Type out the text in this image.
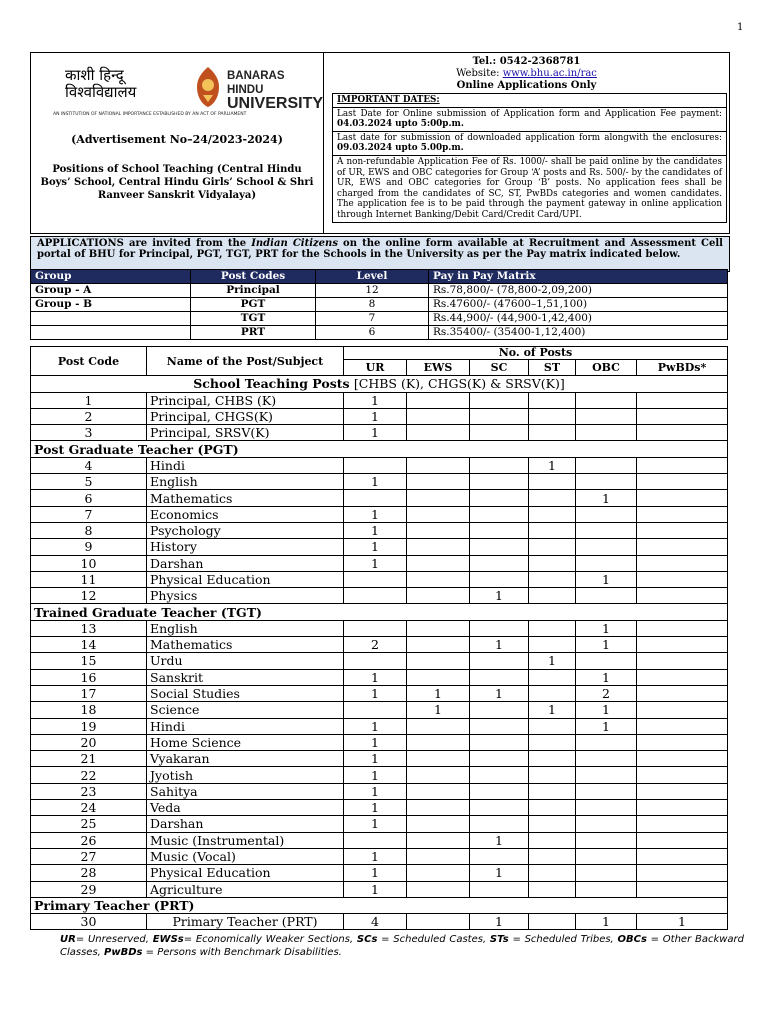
1
काशी हिन्दू
विश्वविद्यालय
BANARAS HINDU
UNIVERSITY
AN INSTITUTION OF NATIONAL IMPORTANCE ESTABLISHED BY AN ACT OF PARLIAMENT
(Advertisement No–24/2023-2024)
Positions of School Teaching (Central Hindu Boys’ School, Central Hindu Girls’ School & Shri Ranveer Sanskrit Vidyalaya)
Tel.: 0542-2368781
Website: www.bhu.ac.in/rac
Online Applications Only
IMPORTANT DATES:
Last Date for Online submission of Application form and Application Fee payment: 04.03.2024 upto 5:00p.m.
Last date for submission of downloaded application form alongwith the enclosures: 09.03.2024 upto 5.00p.m.
A non-refundable Application Fee of Rs. 1000/- shall be paid online by the candidates of UR, EWS and OBC categories for Group ‘A’ posts and Rs. 500/- by the candidates of UR, EWS and OBC categories for Group ‘B’ posts. No application fees shall be charged from the candidates of SC, ST, PwBDs categories and women candidates. The application fee is to be paid through the payment gateway in online application through Internet Banking/Debit Card/Credit Card/UPI.

APPLICATIONS are invited from the Indian Citizens on the online form available at Recruitment and Assessment Cell portal of BHU for Principal, PGT, TGT, PRT for the Schools in the University as per the Pay matrix indicated below.

Group	Post Codes	Level	Pay in Pay Matrix
Group - A	Principal	12	Rs.78,800/- (78,800-2,09,200)
Group - B	PGT	8	Rs.47600/- (47600–1,51,100)
	TGT	7	Rs.44,900/- (44,900-1,42,400)
	PRT	6	Rs.35400/- (35400-1,12,400)
Post Code	Name of the Post/Subject	No. of Posts					
		UR	EWS	SC	ST	OBC	PwBDs*
School Teaching Posts [CHBS (K), CHGS(K) & SRSV(K)]							
1	Principal, CHBS (K)	1					
2	Principal, CHGS(K)	1					
3	Principal, SRSV(K)	1					
Post Graduate Teacher (PGT)							
4	Hindi				1		
5	English	1					
6	Mathematics					1	
7	Economics	1					
8	Psychology	1					
9	History	1					
10	Darshan	1					
11	Physical Education					1	
12	Physics			1			
Trained Graduate Teacher (TGT)							
13	English					1	
14	Mathematics	2		1		1	
15	Urdu				1		
16	Sanskrit	1				1	
17	Social Studies	1	1	1		2	
18	Science		1		1	1	
19	Hindi	1				1	
20	Home Science	1					
21	Vyakaran	1					
22	Jyotish	1					
23	Sahitya	1					
24	Veda	1					
25	Darshan	1					
26	Music (Instrumental)			1			
27	Music (Vocal)	1					
28	Physical Education	1		1			
29	Agriculture	1					
Primary Teacher (PRT)							
30	Primary Teacher (PRT)	4		1		1	1
UR= Unreserved, EWSs= Economically Weaker Sections, SCs = Scheduled Castes, STs = Scheduled Tribes, OBCs = Other Backward Classes, PwBDs = Persons with Benchmark Disabilities.
